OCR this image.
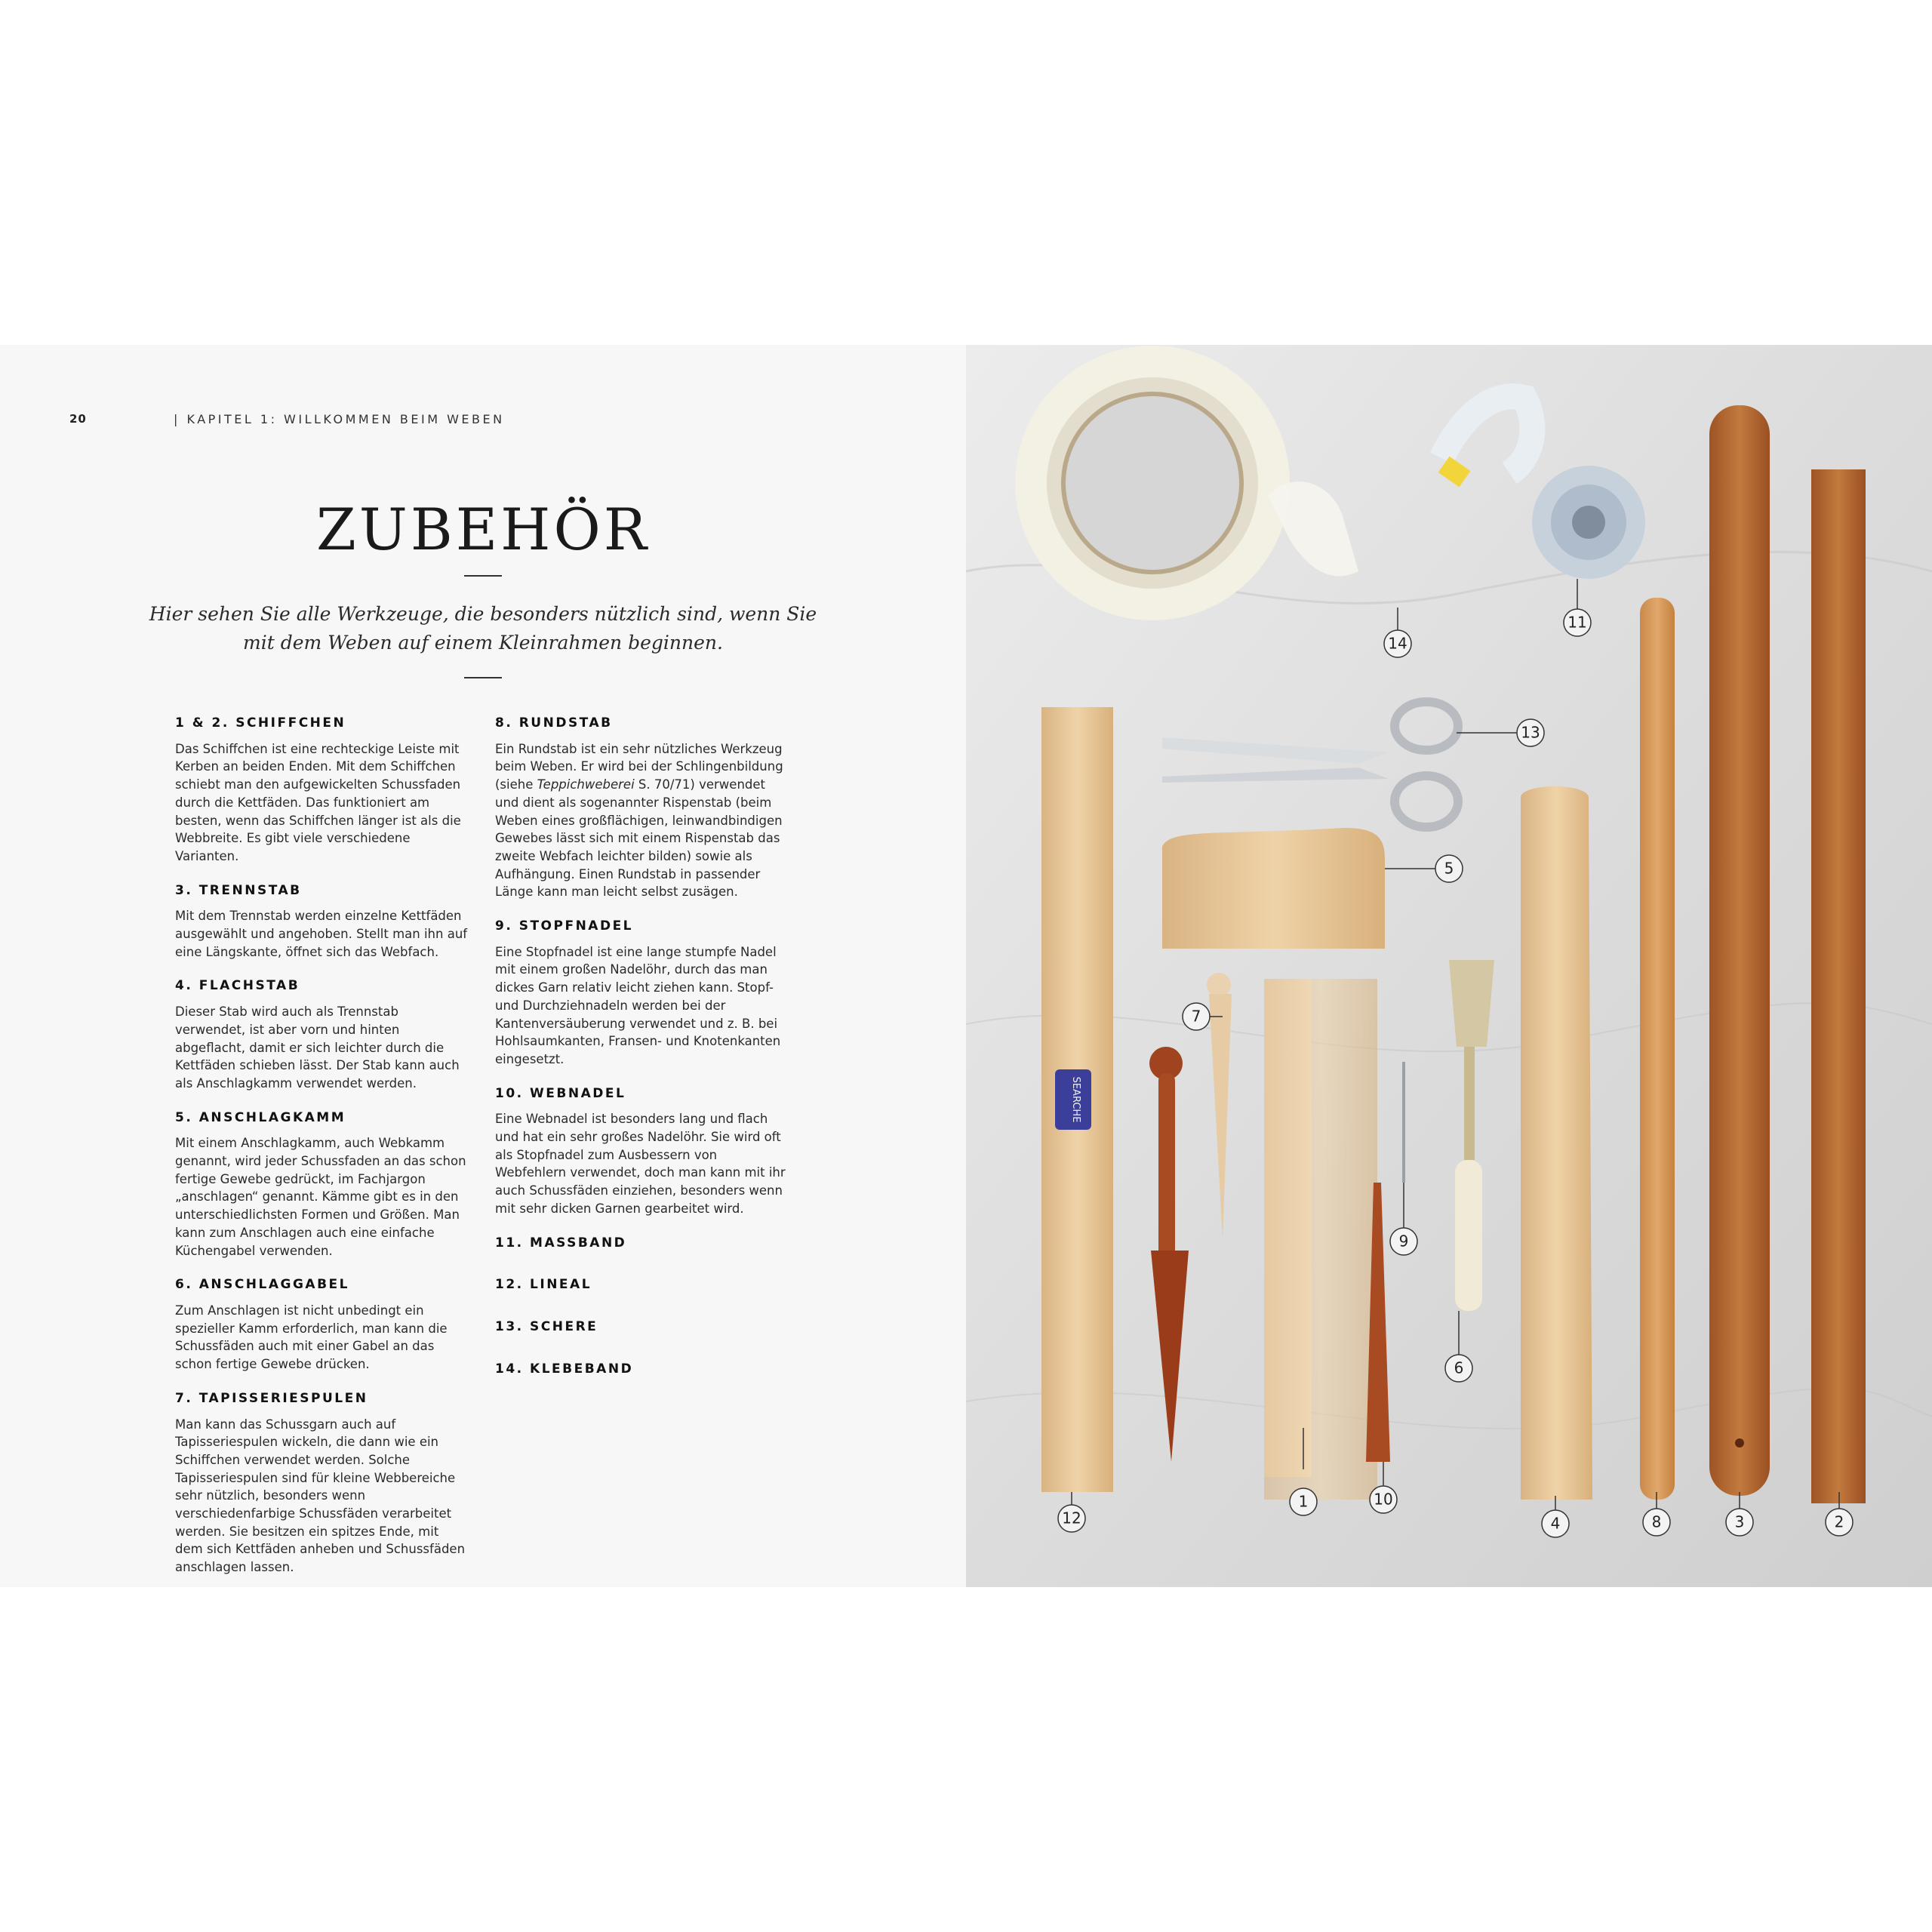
20	| KAPITEL 1: WILLKOMMEN BEIM WEBEN
ZUBEHÖR
Hier sehen Sie alle Werkzeuge, die besonders nützlich sind, wenn Sie
mit dem Weben auf einem Kleinrahmen beginnen.
1 & 2. SCHIFFCHEN
Das Schiffchen ist eine rechteckige Leiste mit Kerben an beiden Enden. Mit dem Schiffchen schiebt man den aufgewickelten Schussfaden durch die Kettfäden. Das funktioniert am besten, wenn das Schiffchen länger ist als die Webbreite. Es gibt viele verschiedene Varianten.
3. TRENNSTAB
Mit dem Trennstab werden einzelne Kettfäden ausgewählt und angehoben. Stellt man ihn auf eine Längskante, öffnet sich das Webfach.
4. FLACHSTAB
Dieser Stab wird auch als Trennstab verwendet, ist aber vorn und hinten abgeflacht, damit er sich leichter durch die Kettfäden schieben lässt. Der Stab kann auch als Anschlagkamm verwendet werden.
5. ANSCHLAGKAMM
Mit einem Anschlagkamm, auch Webkamm genannt, wird jeder Schussfaden an das schon fertige Gewebe gedrückt, im Fachjargon „anschlagen“ genannt. Kämme gibt es in den unterschiedlichsten Formen und Größen. Man kann zum Anschlagen auch eine einfache Küchengabel verwenden.
6. ANSCHLAGGABEL
Zum Anschlagen ist nicht unbedingt ein spezieller Kamm erforderlich, man kann die Schussfäden auch mit einer Gabel an das schon fertige Gewebe drücken.
7. TAPISSERIESPULEN
Man kann das Schussgarn auch auf Tapisseriespulen wickeln, die dann wie ein Schiffchen verwendet werden. Solche Tapisseriespulen sind für kleine Webbereiche sehr nützlich, besonders wenn verschiedenfarbige Schussfäden verarbeitet werden. Sie besitzen ein spitzes Ende, mit dem sich Kettfäden anheben und Schussfäden anschlagen lassen.
8. RUNDSTAB
Ein Rundstab ist ein sehr nützliches Werkzeug beim Weben. Er wird bei der Schlingenbildung (siehe Teppichweberei S. 70/71) verwendet und dient als sogenannter Rispenstab (beim Weben eines großflächigen, leinwandbindigen Gewebes lässt sich mit einem Rispenstab das zweite Webfach leichter bilden) sowie als Aufhängung. Einen Rundstab in passender Länge kann man leicht selbst zusägen.
9. STOPFNADEL
Eine Stopfnadel ist eine lange stumpfe Nadel mit einem großen Nadelöhr, durch das man dickes Garn relativ leicht ziehen kann. Stopf- und Durchziehnadeln werden bei der Kantenversäuberung verwendet und z. B. bei Hohlsaumkanten, Fransen- und Knotenkanten eingesetzt.
10. WEBNADEL
Eine Webnadel ist besonders lang und flach und hat ein sehr großes Nadelöhr. Sie wird oft als Stopfnadel zum Ausbessern von Webfehlern verwendet, doch man kann mit ihr auch Schussfäden einziehen, besonders wenn mit sehr dicken Garnen gearbeitet wird.
11. MASSBAND
12. LINEAL
13. SCHERE
14. KLEBEBAND
SEARCHE
1
2
3
4
5
6
7
8
9
10
11
12
13
14
